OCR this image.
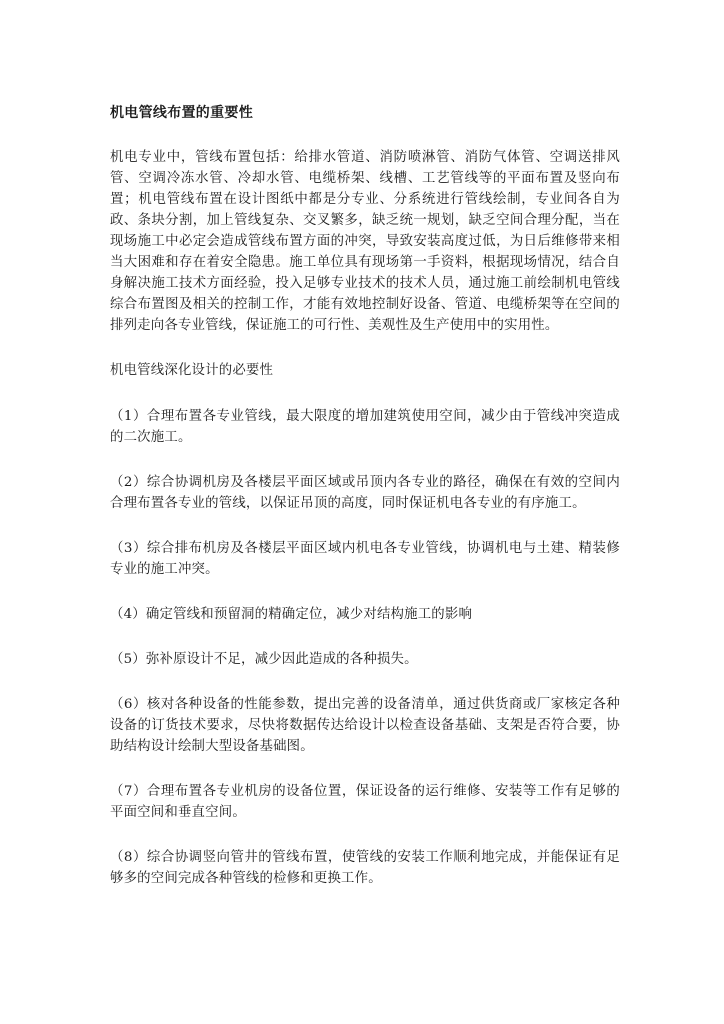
机电管线布置的重要性

机电专业中，管线布置包括：给排水管道、消防喷淋管、消防气体管、空调送排风管、空调冷冻水管、冷却水管、电缆桥架、线槽、工艺管线等的平面布置及竖向布置；机电管线布置在设计图纸中都是分专业、分系统进行管线绘制，专业间各自为政、条块分割，加上管线复杂、交叉繁多，缺乏统一规划，缺乏空间合理分配，当在现场施工中必定会造成管线布置方面的冲突，导致安装高度过低，为日后维修带来相当大困难和存在着安全隐患。施工单位具有现场第一手资料，根据现场情况，结合自身解决施工技术方面经验，投入足够专业技术的技术人员，通过施工前绘制机电管线综合布置图及相关的控制工作，才能有效地控制好设备、管道、电缆桥架等在空间的排列走向各专业管线，保证施工的可行性、美观性及生产使用中的实用性。

机电管线深化设计的必要性

（1）合理布置各专业管线，最大限度的增加建筑使用空间，减少由于管线冲突造成的二次施工。

（2）综合协调机房及各楼层平面区域或吊顶内各专业的路径，确保在有效的空间内合理布置各专业的管线，以保证吊顶的高度，同时保证机电各专业的有序施工。

（3）综合排布机房及各楼层平面区域内机电各专业管线，协调机电与土建、精装修专业的施工冲突。

（4）确定管线和预留洞的精确定位，减少对结构施工的影响

（5）弥补原设计不足，减少因此造成的各种损失。

（6）核对各种设备的性能参数，提出完善的设备清单，通过供货商或厂家核定各种设备的订货技术要求，尽快将数据传达给设计以检查设备基础、支架是否符合要，协助结构设计绘制大型设备基础图。

（7）合理布置各专业机房的设备位置，保证设备的运行维修、安装等工作有足够的平面空间和垂直空间。

（8）综合协调竖向管井的管线布置，使管线的安装工作顺利地完成，并能保证有足够多的空间完成各种管线的检修和更换工作。
